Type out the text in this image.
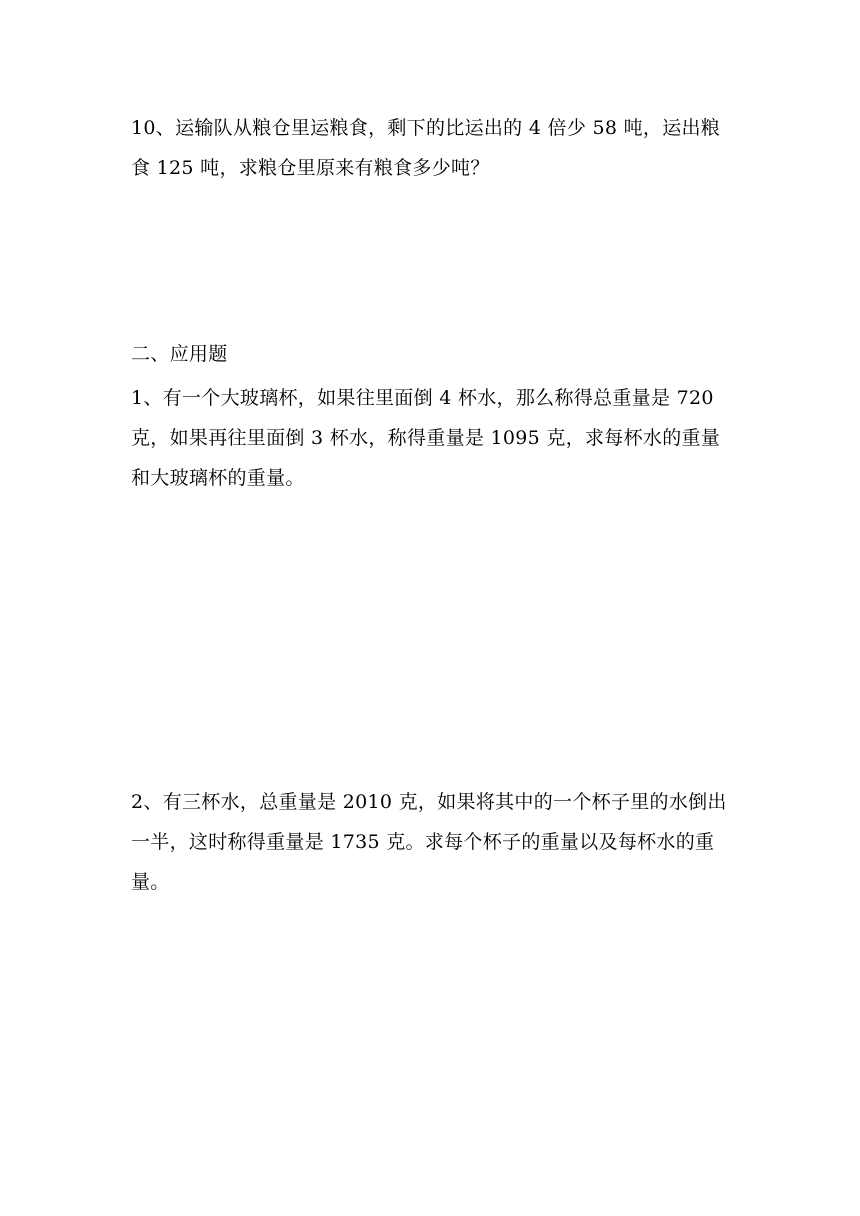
10、运输队从粮仓里运粮食，剩下的比运出的 4 倍少 58 吨，运出粮
食 125 吨，求粮仓里原来有粮食多少吨？
二、应用题
1、有一个大玻璃杯，如果往里面倒 4 杯水，那么称得总重量是 720
克，如果再往里面倒 3 杯水，称得重量是 1095 克，求每杯水的重量
和大玻璃杯的重量。
2、有三杯水，总重量是 2010 克，如果将其中的一个杯子里的水倒出
一半，这时称得重量是 1735 克。求每个杯子的重量以及每杯水的重
量。
